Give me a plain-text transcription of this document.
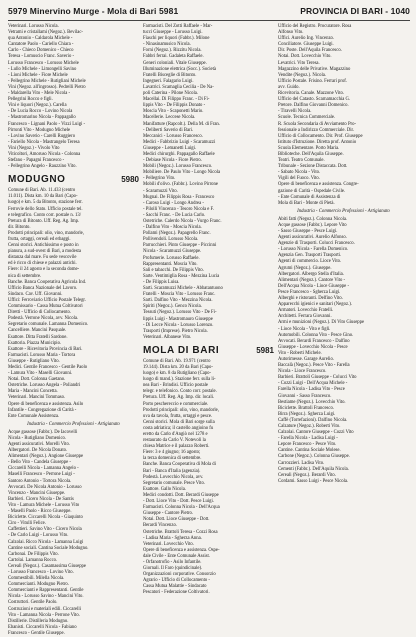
5979 Minervino Murge - Mola di Bari 5981	PROVINCIA DI BARI - 1040
Veterinari. Lorusso Nicola.
Vetrami e cristallami (Negoz.). Bevilac-
qua Antonio - Caldarola Michele -
Cantatore Paolo - Cariello Chiara -
Carlo - Chieco Domenico - Chieco
Teresa - Lomuscio Franc. Saverio -
Lorusso Francesco - Lorusso Michele
- Lullo Michele - Limongelli Savino
- Lioni Michele - Fiore Michele
- Pellegrino Michele - Rutigliani Michele
Vini (Negoz. all'ingrosso). Pedrelli Pietro
- Maldarella Vito - Mele Nicola -
Pellegrini Rocco e figli.
Vini e liquori (Negoz.). Carella
- De Lucia Rocco - Lovino Nicola
- Mastromarino Nicola - Pappagallo
Francesco - Lignani Paolo - Vizzi Luigi -
Pirronti Vito - Modugno Michele
- Lovino Saverio - Carelli Ruggiero
- Fariello Nicola - Mastrangelo Teresa
Vini (Negoz.) - Vivolo Vito
Viticoltori, Amoruso Nicola - Colonna
Stefano - Papagni Francesco -
- Pellegrino Angelo - Rauzzino Vito.
MODUGNO	5980
Comune di Bari. Ab. 11.433 (centro
11.011). Dista km. 10 da Bari (Capo-
luogo) e km. 5 da Bitonto, stazione ferr.
Ferrovie dello Stato. Ufficio postale tel.
e telegrafico. Conto corr. postale n. 13/
Pretura di Bitonto. Uff. Reg. Ag. Imp.
dir. Bitonto.
Prodotti principali: olio, vino, mandorle,
frutta, ortaggi, cereali ed erbaggi.
Cenni storici. Antichissimo e posto in
pianura, a sud-ovest di Bari, a modesta
distanza dal mare. Fu sede vescovile
ed è ricco di chiese e palazzi antichi.
Fiere: il 24 agosto e la seconda dome-
nica di settembre.
Banche. Banca Cooperativa Agricola Ind.
Ufficio Banca Nazionale del Lavoro.
Sindaco. Cav. Uff. Giovanni.
Uffici: Ferroviario Ufficio Postale Telegr.
Commissario - Cassa Mutua Coltivatori
Diretti - Ufficio di Collocamento.
Podestà. Verrone Nicola, avv. Nicola.
Segretario comunale. Lamanna Domenico.
Cancelliere. Mancini Pasquale.
Esattore. Ditta Fratelli Sardone.
Esattoria. Piazza Municipio.
Esattore - Ricevitoria Provincia di Bari.
Farmacisti. Lorusso Maria - Tortora
Giuseppe - Rutigliano Vito.
Medici. Gentile Francesco - Gentile Paolo
- Lamura Vito - Maselli Giovanni.
Notai. Dott. Colonna Gaetano.
Ostetriche. Lorusso Angela - Poliandri
Maria - Mancini Concetta.
Veterinari. Mancini Tommaso.
Opere di beneficenza e assistenza. Asilo
Infantile - Congregazione di Carità -
Ente Comunale Assistenza.
Industria - Commercio Professioni - Artigianato
Acque gassose (Fabbr.). De Iacovelli
Nicola - Rutigliano Domenico.
Agenti assicurativi. Morelli Vito.
Albergatori. De Nicola Donato.
Alimentari (Negoz.). Angione Giuseppe
- Bello Vito - Candela Giuseppe -
Ciccarelli Nicola - Lamanna Angelo -
Maselli Francesco - Perrone Luigi -
Santoro Antonio - Tortora Nicola.
Avvocati. De Nicola Antonio - Lorusso
Vincenzo - Mancini Giuseppe.
Barbieri. Cicero Nicola - De Santis
Vito - Lamura Michele - Lorusso Vito
- Maselli Paolo - Ricco Giuseppe.
Biciclette. Ciccarelli Nicola - Giaquinto
Ciro - Vitulli Felice.
Caffettieri. Savino Vito - Cicero Nicola
- De Carlo Luigi - Lorusso Vito.
Calzolai. Ricco Nicola - Lamanna Luigi
Cantine sociali. Cantina Sociale Modugno.
Carbonai. De Filippis Vito.
Cartolai. Lamanna Rocco.
Cereali (Negoz.). Casamassima Giuseppe
- Lorusso Francesco - Lovino Vito.
Commestibili. Milella Nicola.
Commercianti. Modugno Pietro.
Commercianti e Rappresentanti. Gentile
Nicola - Lorusso Savino - Mancini Vito.
Costruttori. Gentile Paolo.
Costruzioni e materiali edili. Ciccarelli
Vito - Lamanna Nicola - Perrone Vito.
Distillerie. Distilleria Modugno.
Ebanisti. Ciccarelli Nicola - Fabiano
Francesco - Gentile Giuseppe.
Farmacisti. Del Zotti Raffaele - Mar-
tucci Giuseppe - Lorusso Luigi.
Fiaschi per liquori (Fabbr.). Milone
- Ninasinamusico Nicola.
Forni (Negoz.). Rizzitu Nicola.
Fabbri ferrai. Gadaleta Raffaele.
Generi coloniali. Vitale Giuseppe.
Illuminazione elettrica (Socc.). Società
Fratelli Bisceglie di Bitonto.
Ingegneri. Falagario Luigi.
Lavatrici. Scamaglia Cecilia - De Na-
poli Caterina - Pilone Nicola.
Macellai. Di Filippo Franc. - Di Fi-
lippis Vito - De Filippis Donato -
Moscia Vito - Scaponetti Mario.
Macellerie. Leccese Nicola.
Manifatture (Rapcolt.). Della M. di Fran.
- Deliberti Saverio di Bari.
Meccanici - Lorusso Francesco.
Medici - Fabbrizio Luigi - Scaramuzzi
Giuseppe - Lemanetti Luigi.
Medici chirurghi. Pappagallo Raffaele
- Debiase Nicola - Fiore Pietro.
Mobili (Negoz.). Lorusso Francesco.
Mobiliere. De Paulo Vito - Longo Nicola
- Pellegrino Vito.
Mobili d'olivo. (Fabbr.). Lovino Pirrone
- Scaramuzzi Vito.
Mugnai. De Filippis Rosa - Francesco
- Caroso Luigi - Longo Andrea -
- Pilolli Vincenzo - Tesoro Nicola e F.
- Sacchi Franc. - De Lucia Carlo.
Ostetriche. Calerdo Nicola - Vurgo Franc.
- Dalfino Vito - Moscia Nicola.
Pollami (Negoz.). Papagrello Franc.
Pollivendoli. Lorusso Nicola.
Parrucchieri. Pinto Giuseppe - Piccinni
Nicola - Scaramuzzi Giuseppe.
Profumerie. Lorusso Raffaele.
Rappresentanti. Moscia Vito.
Sali e tabacchi. De Filippis Vito.
Sarte. Ventimiglia Rosa - Mezzina Lucia
- De Filippis Luisa.
Sarti. Scaramuzzi Michele - Abbatantuono
Fratelli - Moscia Vito - Lorusso Franc.
Sarti. Dalfino Vito - Mezzina Nicola.
Spiriti (Negoz.). Genco Nicola.
Tessuti (Negoz.). Lorusso Vito - De Fi-
lippis Luigi - Mastromauro Giuseppe
- Di Lecce Nicola - Lorusso Lorenzo.
Trasporti (Imprese). Pietro Nicola.
Veterinari. Albanese Vito.
MOLA DI BARI	5981
Comune di Bari. Ab. 19.971 (centro
19.144). Dista km. 20 da Bari (Capo-
luogo) e km. 8 da Rutigliano (Capo-
luogo di mand.). Stazione ferr. sulla li-
nea Bari - Brindisi. Ufficio postale
telegr. e telefonico. Conto corr. postale.
Pretura. Uff. Reg. Ag. Imp. dir. locali.
Porto peschereccio e commerciale.
Prodotti principali: olio, vino, mandorle,
uva da tavola, frutta, ortaggi e pesce.
Cenni storici. Mola di Bari sorge sulla
costa adriatica; il castello angioino fu
eretto da Carlo d'Angiò nel 1278 e
restaurato da Carlo V. Notevoli la
chiesa Matrice e il palazzo Roberti.
Fiere: 3 e 4 giugno; 16 agosto;
la terza domenica di settembre.
Banche. Banca Cooperativa di Mola di
Bari - Banca d'Italia (agenzia).
Podestà. Lovecchio Nicola, avv.
Segretario comunale. Pesce Vito.
Esattore. Gallo Nicola.
Medici condotti. Dott. Berardi Giuseppe
- Dott. Lioce Vito - Dott. Pesce Luigi.
Farmacisti. Colonna Nicola - Dell'Acqua
Giuseppe - Cantore Pietro.
Notai. Dott. Lioce Giuseppe - Dott.
Berardi Vincenzo.
Ostetriche. Brattoli Teresa - Cozzi Rosa
- Ladisa Maria - Sgherza Anna.
Veterinari. Lovecchio Vito.
Opere di beneficenza e assistenza. Ospe-
dale Civile - Ente Comunale Assist.
- Orfanotrofio - Asilo Infantile.
Giornali. Il Faro (quindicinale).
Organizzazioni corporative. Consorzio
Agrario - Ufficio di Collocamento -
Cassa Mutua Malattie - Sindacato
Pescatori - Federazione Coltivatori.
Ufficio del Registro. Procuratore. Rosa
Alfonso Vito.
Uffici. Aurelio Ing. Vincenzo.
Conciliatore. Giuseppe Luigi.
Dir. Poste. Dell'Aquila Francesco.
Notai. Dott. Lovecchio Vito.
Levatrici. Vito Teresa.
Magazzino delle Privative. Magazzino
Vendite (Negoz.). Nicola.
Ufficio Postale. Frisino. Ferrari prof.
avv. Guido.
Ricevitoria. Canale. Mazzone Vito.
Ufficio del Catasto. Scarnamacchia G.
Pretore. Dalfino Giovanni Domenico.
- Tiravelli Nicola.
Scuole. Tecnica Commerciale.
R. Scuola Secondaria di Avviamento Pro-
fessionale a Indirizzo Commerciale. Dir.
Ufficio di Collocamento. Dir. Prof. Giuseppe
Istituto d'Istruzione. Diretta prof. Antonio
Scuola Elementare. Porto Maria.
Biblioteche. Dell'Aquila Giuseppe.
Teatri. Teatro Comunale.
Tribunale - Sezione Distaccata. Dott.
- Sabato Nicola - Vito.
Vigili del Fuoco. Vito.
Opere di beneficenza e assistenza. Congre-
gazione di Carità - Ospedale Civile.
- Ente Comunale di Assistenza di
Mola di Bari - Monte di Pietà.
Industria - Commercio Professioni - Artigianato
Abiti fatti (Negoz.). Colonna Nicola.
Acque gassose (Fabbr.). Lepore Vito
- Sasso Giuseppe - Pesce Luigi.
Agenti assicurativi. Aurelio Alfonso.
Agenzie di Trasporti. Colucci Francesco.
- Lorusso Nicola - Farella Domenico.
Agenzia Gen. Trasporti Trasporti.
Agenti di commercio. Lioce Vito.
Agrumi (Negoz.). Giuseppe.
Albergatori. Albergo Stella d'Italia.
Alimentari (Negoz.). Cantore Vito -
Dell'Acqua Nicola - Lioce Giuseppe -
Pesce Francesco - Sgherza Luigi.
Alberghi e ristoranti. Delfino Vito.
Apparecchi igienici e sanitari (Negoz.).
Armatori. Lovecchio Fratelli.
Architetti. Ferrara Giovanni.
Armi e munizioni (Negoz.). Di Vito Giuseppe
- Lioce Nicola - Vito e figli.
Automobili. Colonna Vito - Pesce Gino.
Avvocati. Berardi Francesco - Dalfino
Giuseppe - Lovecchio Nicola - Pesce
Vito - Roberti Michele.
Autorimesse. Garage Aurelio.
Baccalà (Negoz.). Pesce Vito - Farella
Nicola - Lioce Francesco.
Barbieri. Brattoli Giuseppe - Colucci Vito
- Cozzi Luigi - Dell'Acqua Michele -
Farella Nicola - Ladisa Vito - Pesce
Giovanni - Sasso Francesco.
Bestiame (Negoz.). Lovecchio Vito.
Biciclette. Brattoli Francesco.
Birra (Negoz.). Sgherza Luigi.
Caffè (Torrefazioni). Dalfino Nicola.
Calzature (Negoz.). Roberti Vito.
Calzolai. Cantore Giuseppe - Cozzi Vito
- Farella Nicola - Ladisa Luigi -
Lepore Francesco - Pesce Vito.
Cantine. Cantina Sociale Molese.
Carbone (Negoz.). Colonna Giuseppe.
Carrozzieri. Ladisa Vito.
Cementi (Fabbr.). Dell'Aquila Nicola.
Cereali (Negoz.). Berardi Vito.
Cordami. Sasso Luigi - Pesce Nicola.
